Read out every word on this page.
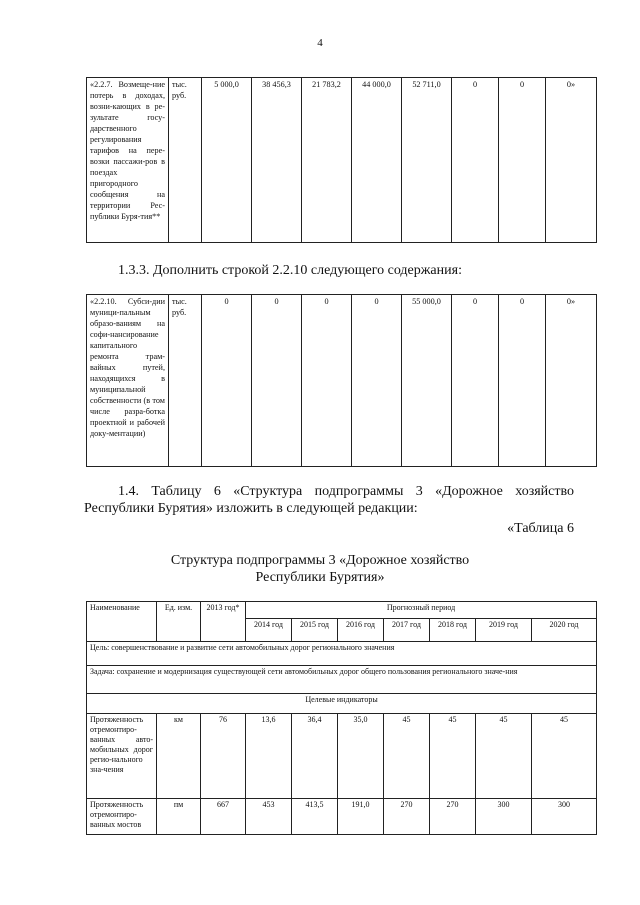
4
«2.2.7. Возмеще-ние потерь в доходах, возни-кающих в ре-зультате госу-дарственного регулирования тарифов на пере-возки пассажи-ров в поездах пригородного сообщения на территории Рес-публики Буря-тия**	тыс. руб.	5 000,0	38 456,3	21 783,2	44 000,0	52 711,0	0	0	0»
1.3.3. Дополнить строкой 2.2.10 следующего содержания:
«2.2.10. Субси-дии муници-пальным образо-ваниям на софи-нансирование капитального ремонта трам-вайных путей, находящихся в муниципальной собственности (в том числе разра-ботка проектной и рабочей доку-ментации)	тыс. руб.	0	0	0	0	55 000,0	0	0	0»
1.4. Таблицу 6 «Структура подпрограммы 3 «Дорожное хозяйство
Республики Бурятия» изложить в следующей редакции:
«Таблица 6
Структура подпрограммы 3 «Дорожное хозяйство
Республики Бурятия»
Наименование	Ед. изм.	2013 год*	Прогнозный период						
			2014 год	2015 год	2016 год	2017 год	2018 год	2019 год	2020 год
Цель: совершенствование и развитие сети автомобильных дорог регионального значения									
Задача: сохранение и модернизация существующей сети автомобильных дорог общего пользования регионального значе-ния									
Целевые индикаторы									
Протяженность отремонтиро-ванных авто-мобильных дорог регио-нального зна-чения	км	76	13,6	36,4	35,0	45	45	45	45
Протяженность отремонтиро-ванных мостов	пм	667	453	413,5	191,0	270	270	300	300
